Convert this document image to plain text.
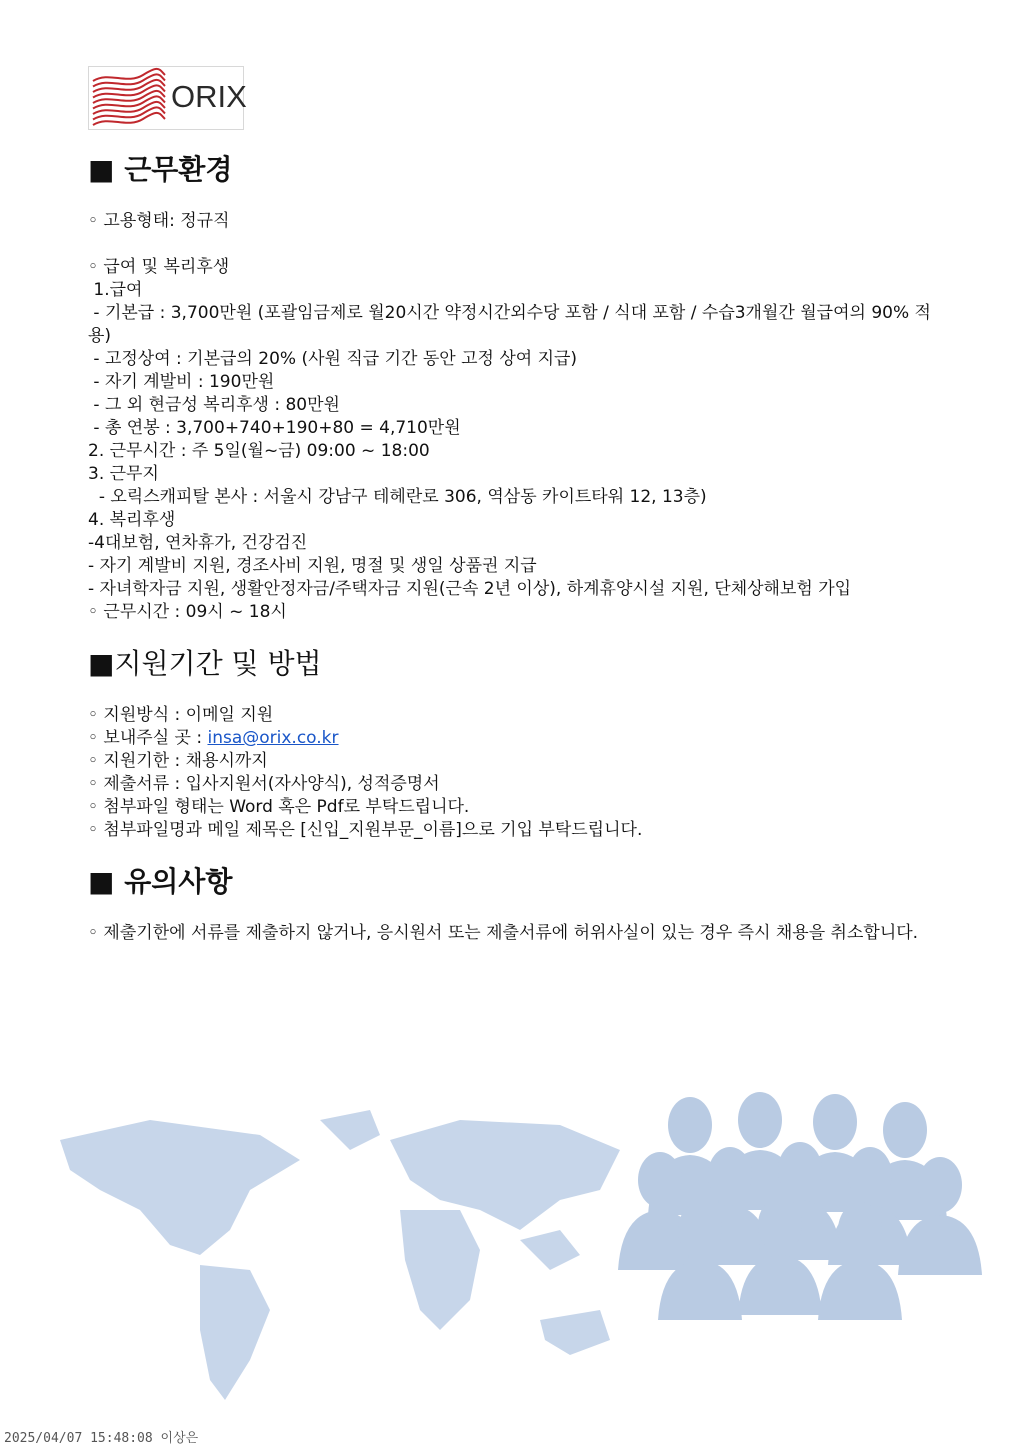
ORIX

■ 근무환경

◦ 고용형태: 정규직

◦ 급여 및 복리후생

1.급여

- 기본급 : 3,700만원 (포괄임금제로 월20시간 약정시간외수당 포함 / 식대 포함 / 수습3개월간 월급여의 90% 적용)

- 고정상여 : 기본급의 20% (사원 직급 기간 동안 고정 상여 지급)

- 자기 계발비 : 190만원

- 그 외 현금성 복리후생 : 80만원

- 총 연봉 : 3,700+740+190+80 = 4,710만원

2. 근무시간 : 주 5일(월~금) 09:00 ~ 18:00

3. 근무지

- 오릭스캐피탈 본사 : 서울시 강남구 테헤란로 306, 역삼동 카이트타워 12, 13층)

4. 복리후생

-4대보험, 연차휴가, 건강검진

- 자기 계발비 지원, 경조사비 지원, 명절 및 생일 상품권 지급

- 자녀학자금 지원, 생활안정자금/주택자금 지원(근속 2년 이상), 하계휴양시설 지원, 단체상해보험 가입

◦ 근무시간 : 09시 ~ 18시

■지원기간 및 방법

◦ 지원방식 : 이메일 지원

◦ 보내주실 곳 : insa@orix.co.kr

◦ 지원기한 : 채용시까지

◦ 제출서류 : 입사지원서(자사양식), 성적증명서

◦ 첨부파일 형태는 Word 혹은 Pdf로 부탁드립니다.

◦ 첨부파일명과 메일 제목은 [신입_지원부문_이름]으로 기입 부탁드립니다.

■ 유의사항

◦ 제출기한에 서류를 제출하지 않거나, 응시원서 또는 제출서류에 허위사실이 있는 경우 즉시 채용을 취소합니다.

2025/04/07 15:48:08 이상은
